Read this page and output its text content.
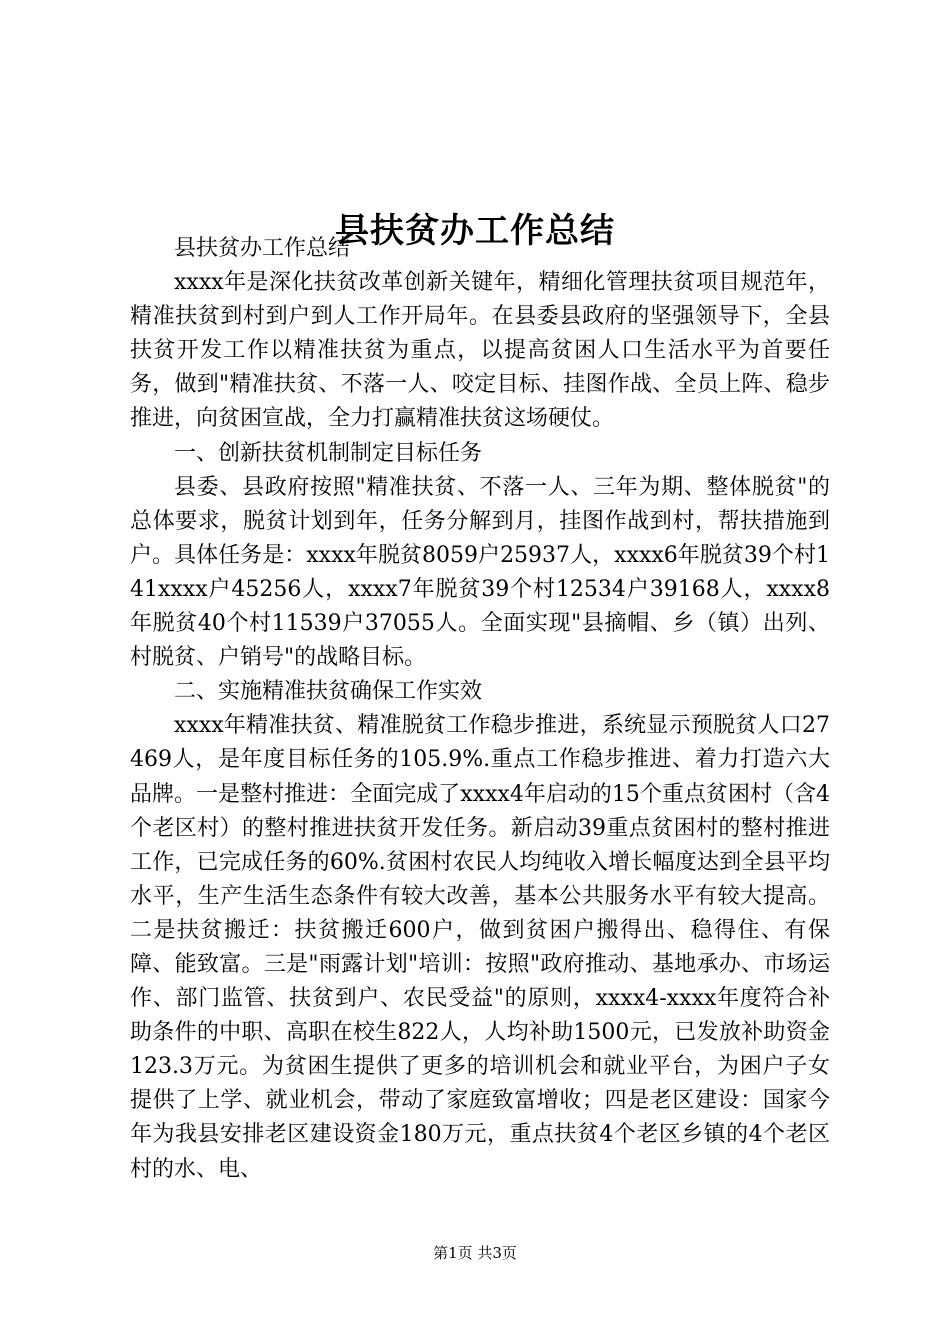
县扶贫办工作总结

县扶贫办工作总结

xxxx年是深化扶贫改革创新关键年，精细化管理扶贫项目规范年，精准扶贫到村到户到人工作开局年。在县委县政府的坚强领导下，全县扶贫开发工作以精准扶贫为重点，以提高贫困人口生活水平为首要任务，做到"精准扶贫、不落一人、咬定目标、挂图作战、全员上阵、稳步推进，向贫困宣战，全力打赢精准扶贫这场硬仗。

一、创新扶贫机制制定目标任务

县委、县政府按照"精准扶贫、不落一人、三年为期、整体脱贫"的总体要求，脱贫计划到年，任务分解到月，挂图作战到村，帮扶措施到户。具体任务是：xxxx年脱贫8059户25937人，xxxx6年脱贫39个村141xxxx户45256人，xxxx7年脱贫39个村12534户39168人，xxxx8年脱贫40个村11539户37055人。全面实现"县摘帽、乡（镇）出列、村脱贫、户销号"的战略目标。

二、实施精准扶贫确保工作实效

xxxx年精准扶贫、精准脱贫工作稳步推进，系统显示预脱贫人口27469人，是年度目标任务的105.9%.重点工作稳步推进、着力打造六大品牌。一是整村推进：全面完成了xxxx4年启动的15个重点贫困村（含4个老区村）的整村推进扶贫开发任务。新启动39重点贫困村的整村推进工作，已完成任务的60%.贫困村农民人均纯收入增长幅度达到全县平均水平，生产生活生态条件有较大改善，基本公共服务水平有较大提高。二是扶贫搬迁：扶贫搬迁600户，做到贫困户搬得出、稳得住、有保障、能致富。三是"雨露计划"培训：按照"政府推动、基地承办、市场运作、部门监管、扶贫到户、农民受益"的原则，xxxx4-xxxx年度符合补助条件的中职、高职在校生822人，人均补助1500元，已发放补助资金123.3万元。为贫困生提供了更多的培训机会和就业平台，为困户子女提供了上学、就业机会，带动了家庭致富增收；四是老区建设：国家今年为我县安排老区建设资金180万元，重点扶贫4个老区乡镇的4个老区村的水、电、

第1页 共3页
